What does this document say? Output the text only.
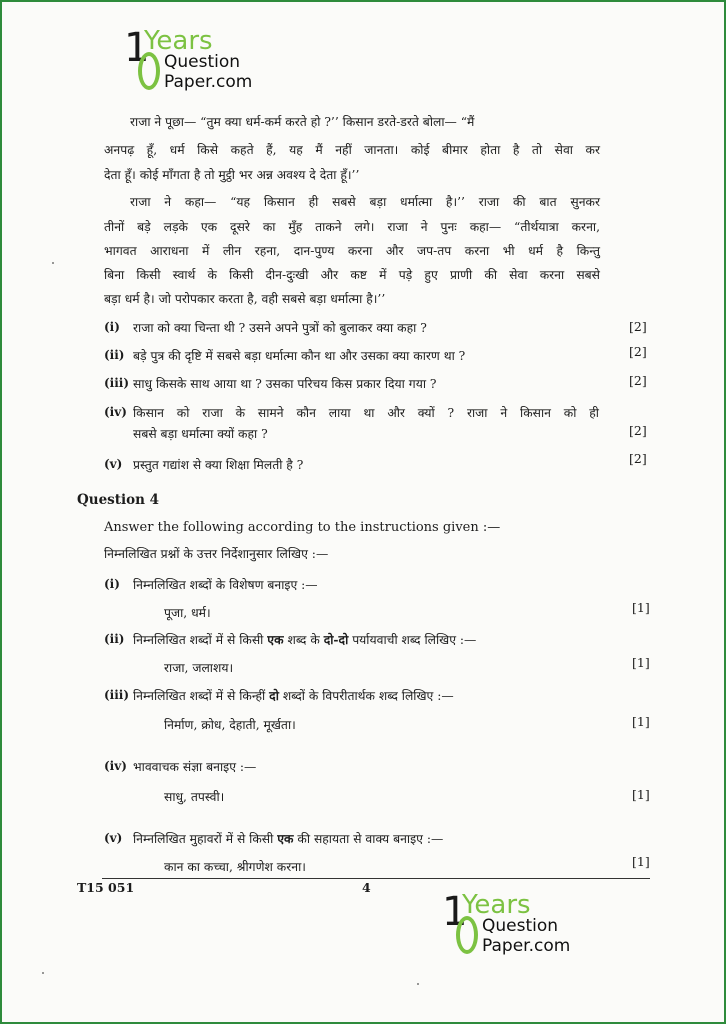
1
Years
Question
Paper.com
राजा ने पूछा— “तुम क्या धर्म-कर्म करते हो ?’’ किसान डरते-डरते बोला— “मैं
अनपढ़ हूँ, धर्म किसे कहते हैं, यह मैं नहीं जानता। कोई बीमार होता है तो सेवा कर
देता हूँ। कोई माँगता है तो मुट्ठी भर अन्न अवश्य दे देता हूँ।’’
राजा ने कहा— “यह किसान ही सबसे बड़ा धर्मात्मा है।’’ राजा की बात सुनकर
तीनों बड़े लड़के एक दूसरे का मुँह ताकने लगे। राजा ने पुनः कहा— “तीर्थयात्रा करना,
भागवत आराधना में लीन रहना, दान-पुण्य करना और जप-तप करना भी धर्म है किन्तु
बिना किसी स्वार्थ के किसी दीन-दुःखी और कष्ट में पड़े हुए प्राणी की सेवा करना सबसे
बड़ा धर्म है। जो परोपकार करता है, वही सबसे बड़ा धर्मात्मा है।’’
(i) राजा को क्या चिन्ता थी ? उसने अपने पुत्रों को बुलाकर क्या कहा ?	[2]
(ii) बड़े पुत्र की दृष्टि में सबसे बड़ा धर्मात्मा कौन था और उसका क्या कारण था ?	[2]
(iii) साधु किसके साथ आया था ? उसका परिचय किस प्रकार दिया गया ?	[2]
(iv) किसान को राजा के सामने कौन लाया था और क्यों ? राजा ने किसान को ही
सबसे बड़ा धर्मात्मा क्यों कहा ?	[2]
(v) प्रस्तुत गद्यांश से क्या शिक्षा मिलती है ?	[2]
Question 4
Answer the following according to the instructions given :—
निम्नलिखित प्रश्नों के उत्तर निर्देशानुसार लिखिए :—
(i) निम्नलिखित शब्दों के विशेषण बनाइए :—
पूजा, धर्म।	[1]
(ii) निम्नलिखित शब्दों में से किसी एक शब्द के दो-दो पर्यायवाची शब्द लिखिए :—
राजा, जलाशय।	[1]
(iii) निम्नलिखित शब्दों में से किन्हीं दो शब्दों के विपरीतार्थक शब्द लिखिए :—
निर्माण, क्रोध, देहाती, मूर्खता।	[1]
(iv) भाववाचक संज्ञा बनाइए :—
साधु, तपस्वी।	[1]
(v) निम्नलिखित मुहावरों में से किसी एक की सहायता से वाक्य बनाइए :—
कान का कच्चा, श्रीगणेश करना।	[1]
T15 051	4
1
Years
Question
Paper.com
